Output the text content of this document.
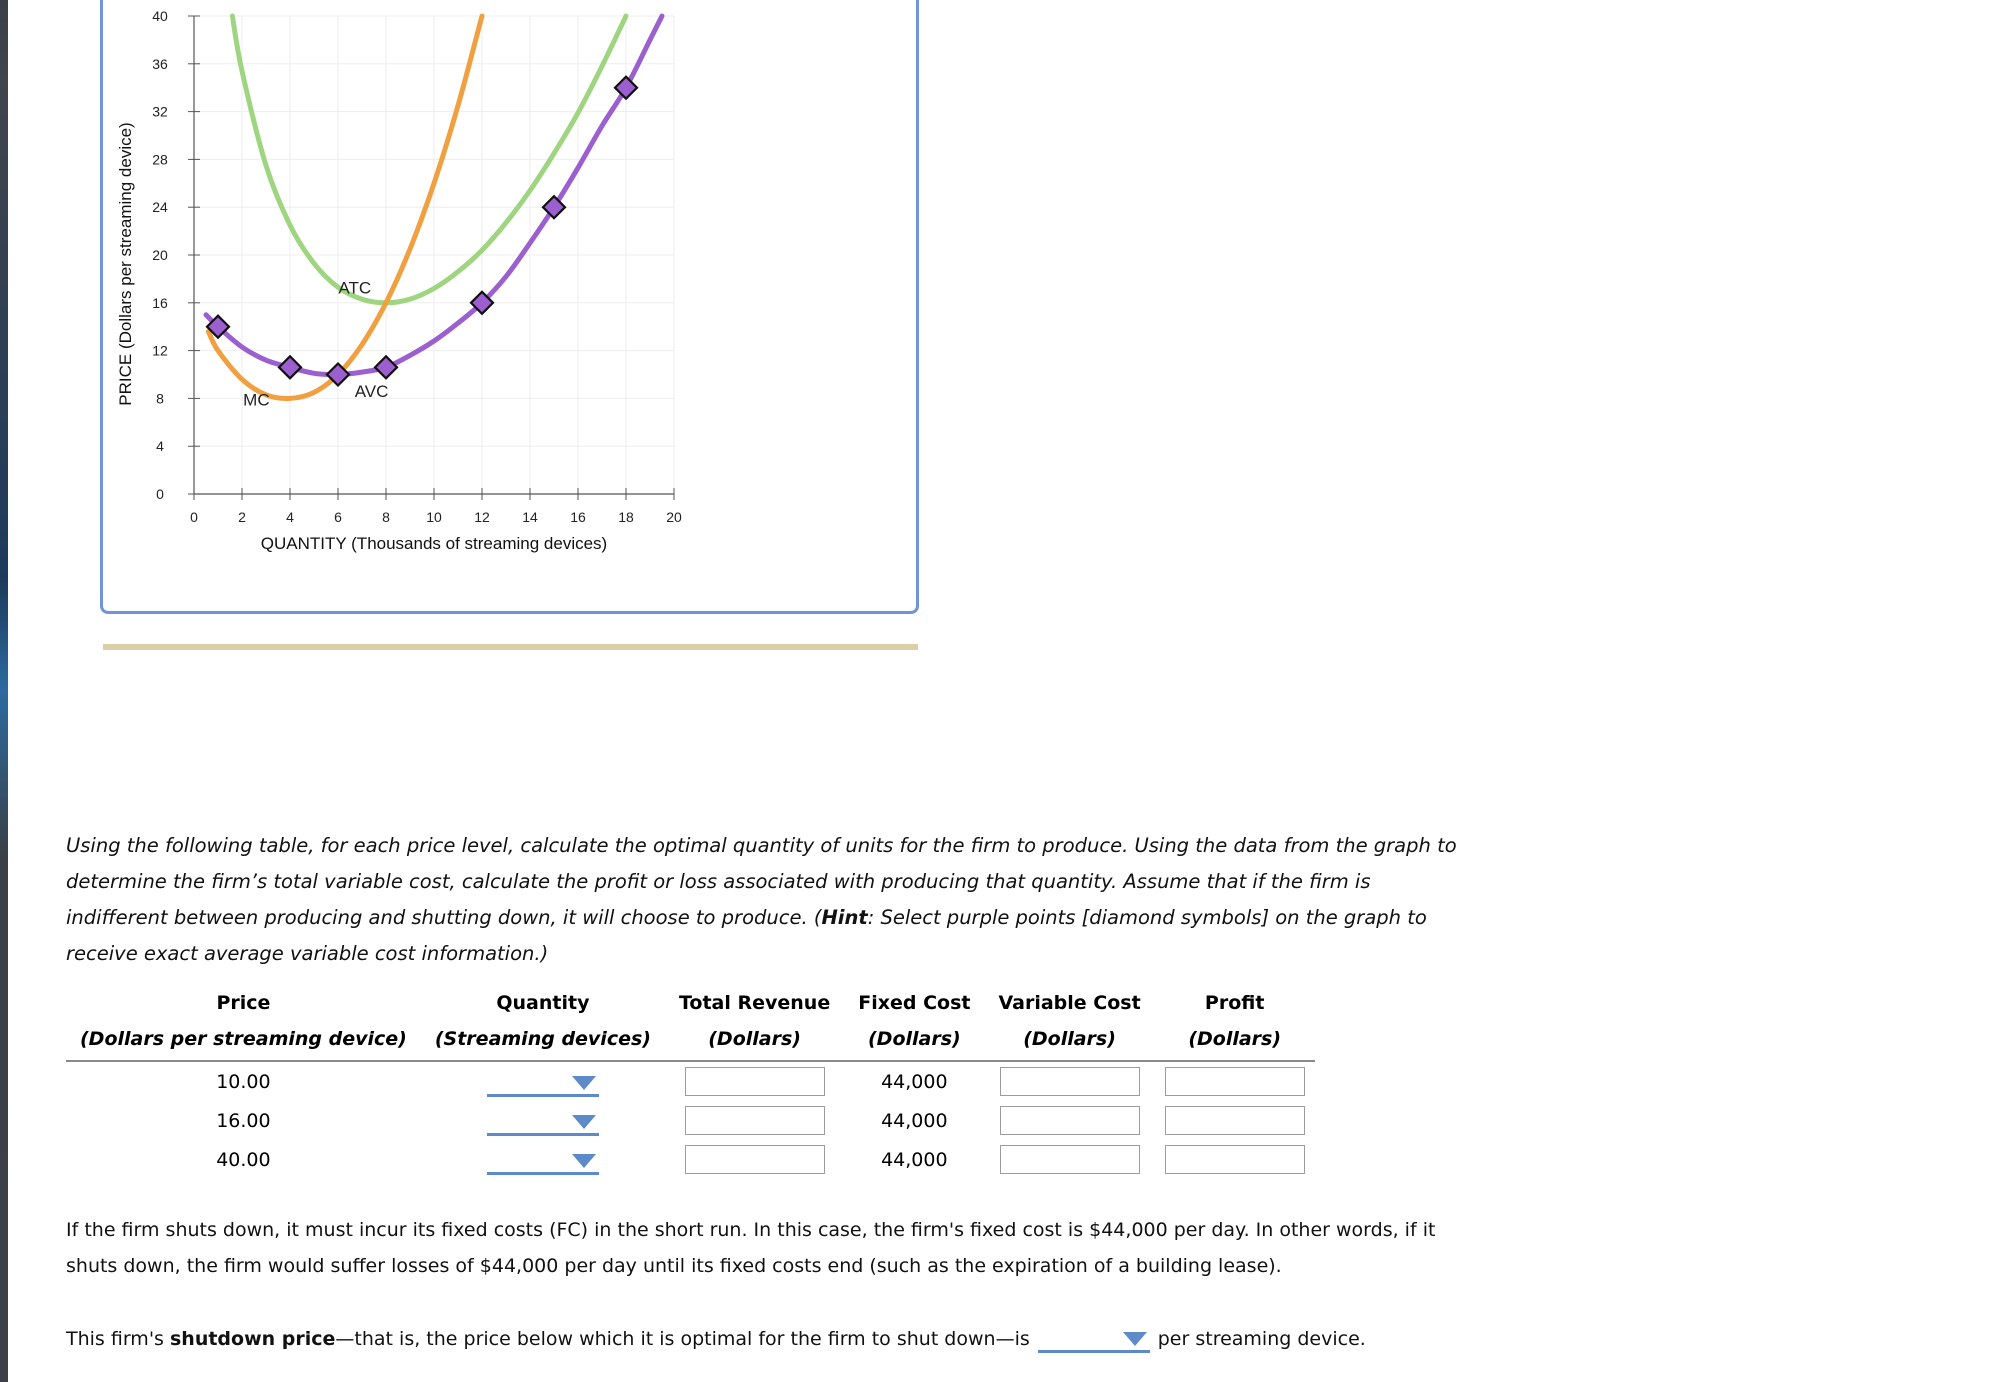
0	2	4	6	8	10 12 14 16 18 20
0
4
8
12
16
20
24
28
32
36
40
QUANTITY (Thousands of streaming devices)
PRICE (Dollars per streaming device)	ATC
AVC
MC
Using the following table, for each price level, calculate the optimal quantity of units for the firm to produce. Using the data from the graph to determine the firm’s total variable cost, calculate the profit or loss associated with producing that quantity. Assume that if the firm is indifferent between producing and shutting down, it will choose to produce. (Hint: Select purple points [diamond symbols] on the graph to receive exact average variable cost information.)
Price	Quantity	Total Revenue	Fixed Cost	Variable Cost	Profit
(Dollars per streaming device)	(Streaming devices)	(Dollars)	(Dollars)	(Dollars)	(Dollars)
10.00			44,000		
16.00			44,000		
40.00			44,000		
If the firm shuts down, it must incur its fixed costs (FC) in the short run. In this case, the firm's fixed cost is $44,000 per day. In other words, if it shuts down, the firm would suffer losses of $44,000 per day until its fixed costs end (such as the expiration of a building lease).
This firm's shutdown price—that is, the price below which it is optimal for the firm to shut down—is	per streaming device.
